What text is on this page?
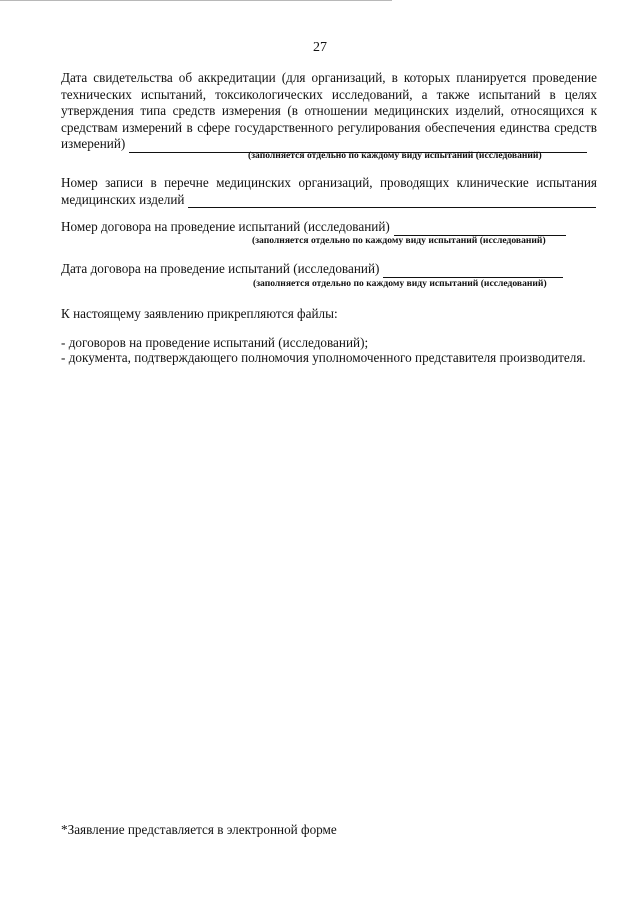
27
Дата свидетельства об аккредитации (для организаций, в которых планируется проведение
технических испытаний, токсикологических исследований, а также испытаний в целях
утверждения типа средств измерения (в отношении медицинских изделий, относящихся к
средствам измерений в сфере государственного регулирования обеспечения единства средств
измерений)
(заполняется отдельно по каждому виду испытаний (исследований)
Номер записи в перечне медицинских организаций, проводящих клинические испытания
медицинских изделий
Номер договора на проведение испытаний (исследований)
(заполняется отдельно по каждому виду испытаний (исследований)
Дата договора на проведение испытаний (исследований)
(заполняется отдельно по каждому виду испытаний (исследований)
К настоящему заявлению прикрепляются файлы:
- договоров на проведение испытаний (исследований);
- документа, подтверждающего полномочия уполномоченного представителя производителя.
*Заявление представляется в электронной форме
